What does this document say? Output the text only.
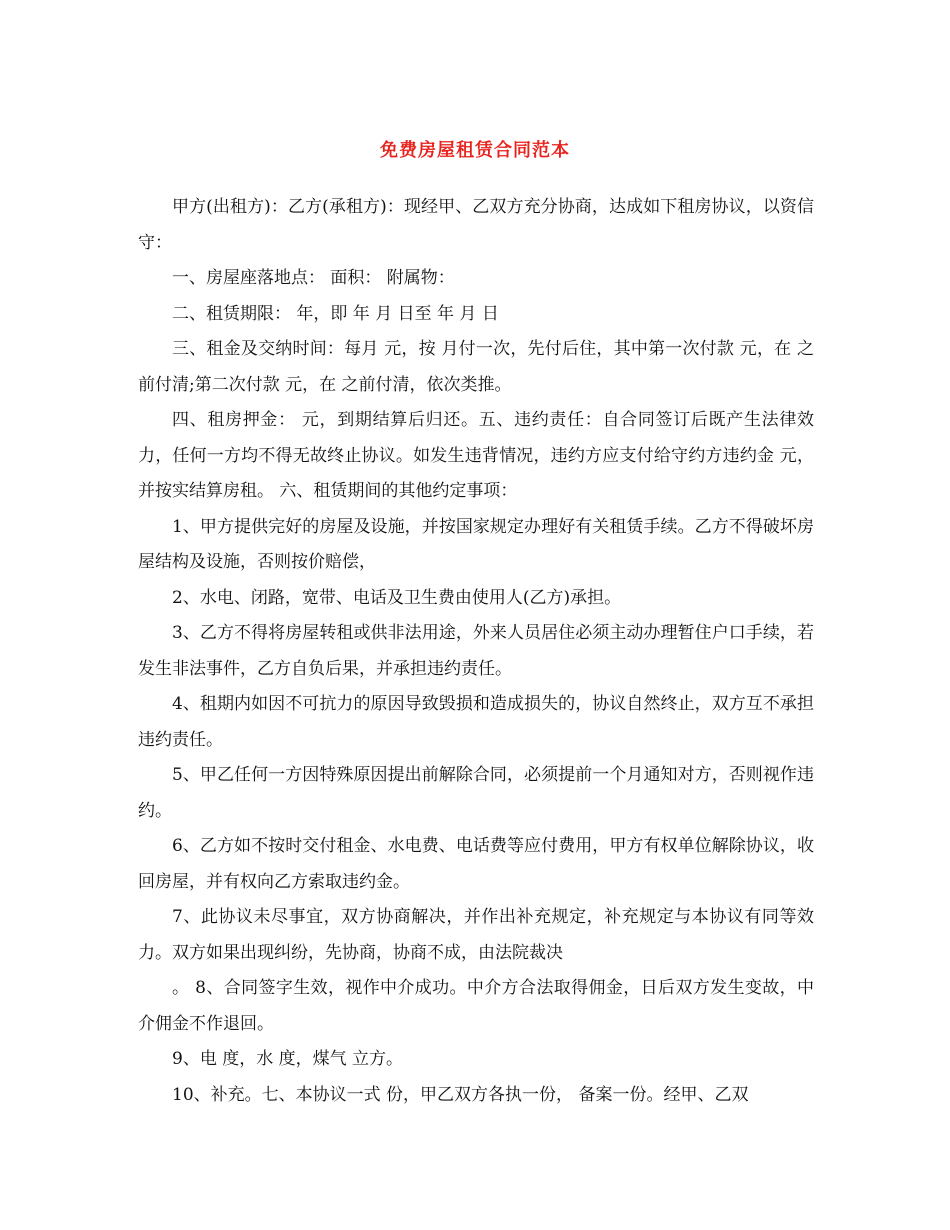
免费房屋租赁合同范本

甲方(出租方)：乙方(承租方)：现经甲、乙双方充分协商，达成如下租房协议，以资信守：

一、房屋座落地点： 面积： 附属物：

二、租赁期限： 年，即 年 月 日至 年 月 日

三、租金及交纳时间：每月 元，按 月付一次，先付后住，其中第一次付款 元，在 之前付清;第二次付款 元，在 之前付清，依次类推。

四、租房押金： 元，到期结算后归还。五、违约责任：自合同签订后既产生法律效力，任何一方均不得无故终止协议。如发生违背情况，违约方应支付给守约方违约金 元，并按实结算房租。 六、租赁期间的其他约定事项：

1、甲方提供完好的房屋及设施，并按国家规定办理好有关租赁手续。乙方不得破坏房屋结构及设施，否则按价赔偿，

2、水电、闭路，宽带、电话及卫生费由使用人(乙方)承担。

3、乙方不得将房屋转租或供非法用途，外来人员居住必须主动办理暂住户口手续，若发生非法事件，乙方自负后果，并承担违约责任。

4、租期内如因不可抗力的原因导致毁损和造成损失的，协议自然终止，双方互不承担违约责任。

5、甲乙任何一方因特殊原因提出前解除合同，必须提前一个月通知对方，否则视作违约。

6、乙方如不按时交付租金、水电费、电话费等应付费用，甲方有权单位解除协议，收回房屋，并有权向乙方索取违约金。

7、此协议未尽事宜，双方协商解决，并作出补充规定，补充规定与本协议有同等效力。双方如果出现纠纷，先协商，协商不成，由法院裁决

。 8、合同签字生效，视作中介成功。中介方合法取得佣金，日后双方发生变故，中介佣金不作退回。

9、电 度，水 度，煤气 立方。

10、补充。七、本协议一式 份，甲乙双方各执一份， 备案一份。经甲、乙双
